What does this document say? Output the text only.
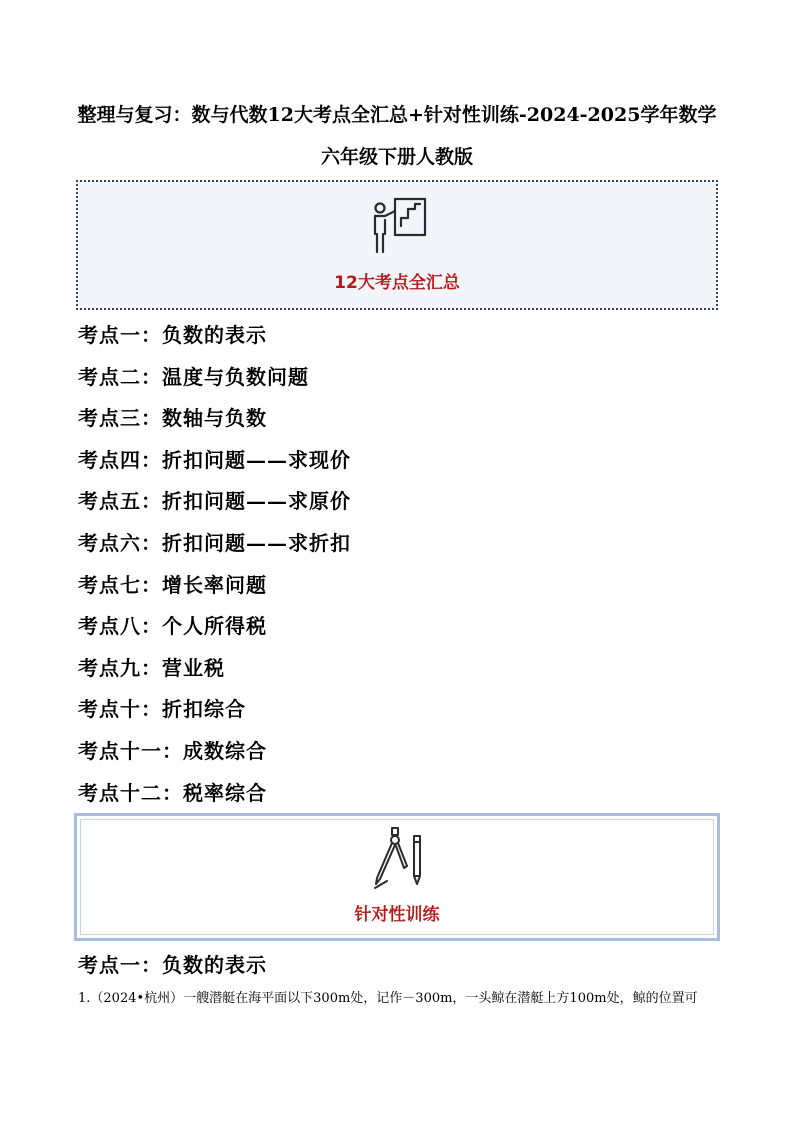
整理与复习：数与代数12大考点全汇总+针对性训练-2024-2025学年数学
六年级下册人教版
12大考点全汇总
考点一：负数的表示
考点二：温度与负数问题
考点三：数轴与负数
考点四：折扣问题——求现价
考点五：折扣问题——求原价
考点六：折扣问题——求折扣
考点七：增长率问题
考点八：个人所得税
考点九：营业税
考点十：折扣综合
考点十一：成数综合
考点十二：税率综合
针对性训练
考点一：负数的表示
1.（2024•杭州）一艘潜艇在海平面以下300m处，记作－300m，一头鲸在潜艇上方100m处，鲸的位置可
